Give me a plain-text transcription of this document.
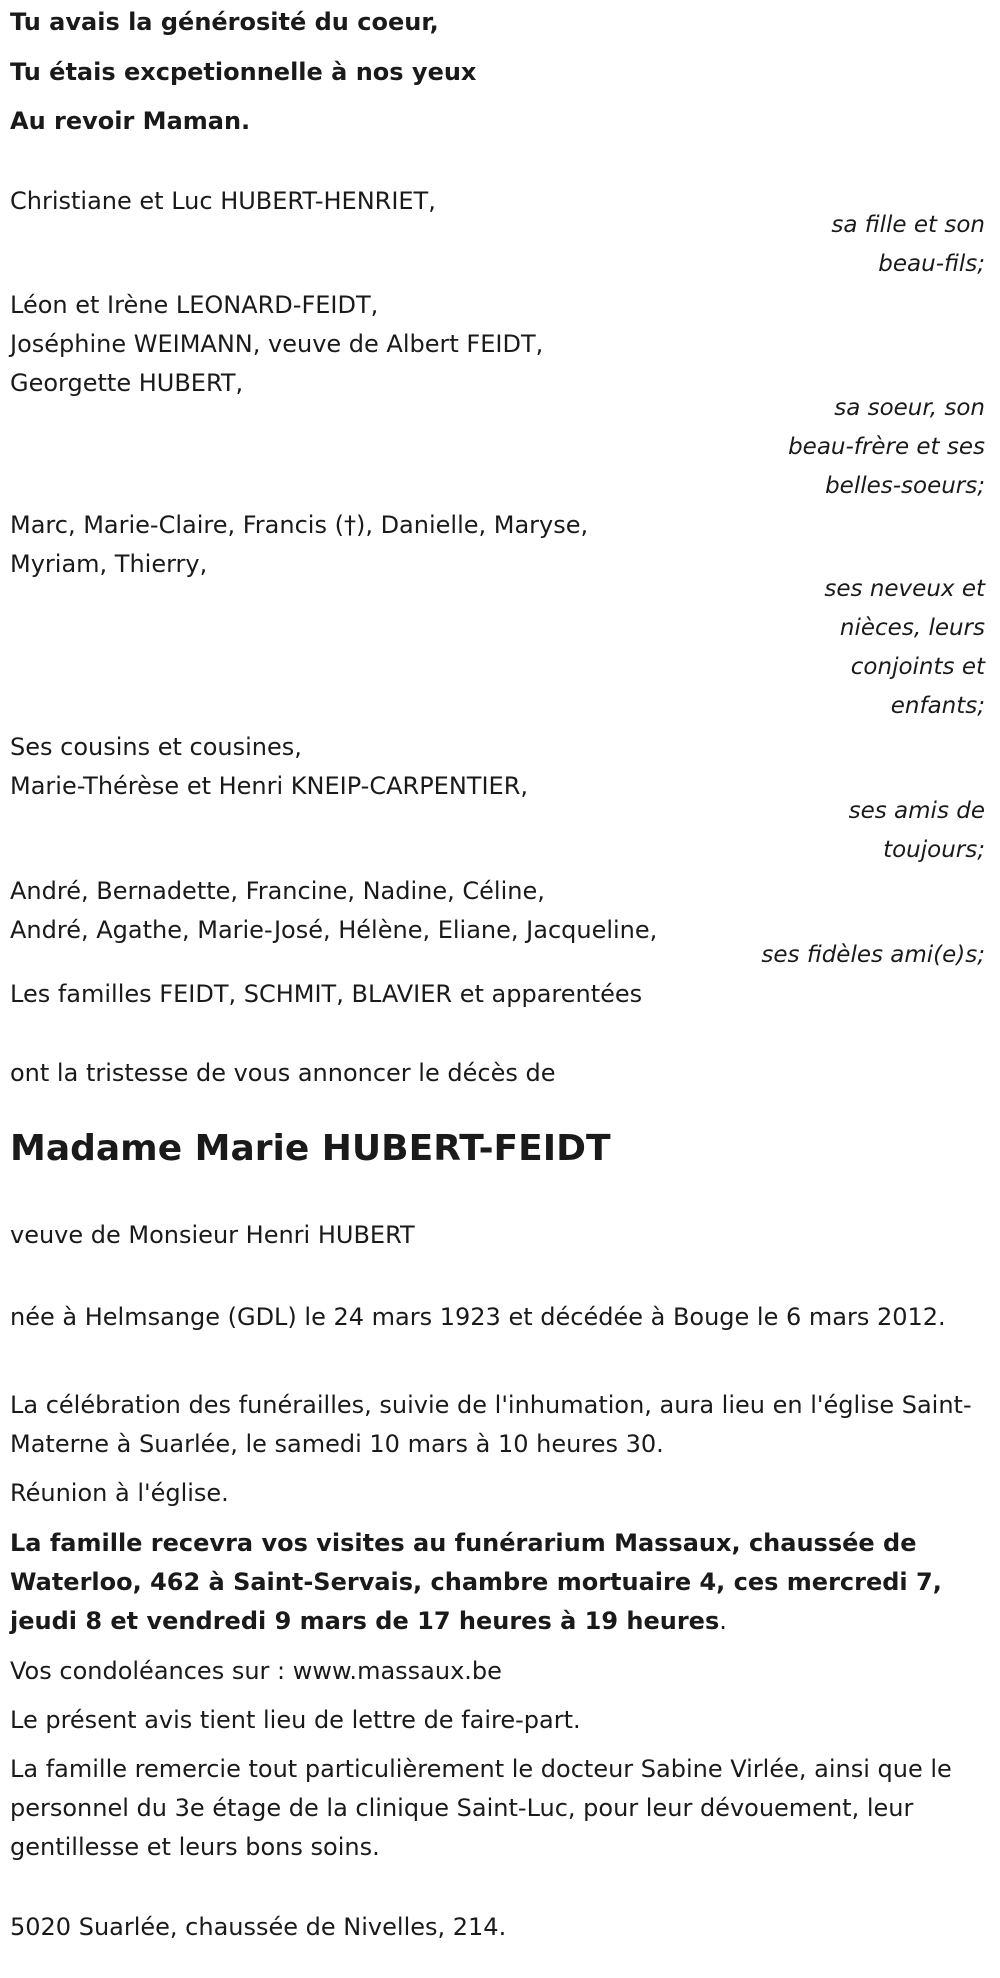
Tu avais la générosité du coeur,
Tu étais excpetionnelle à nos yeux
Au revoir Maman.
Christiane et Luc HUBERT-HENRIET,
sa fille et son
beau-fils;
Léon et Irène LEONARD-FEIDT,
Joséphine WEIMANN, veuve de Albert FEIDT,
Georgette HUBERT,
sa soeur, son
beau-frère et ses
belles-soeurs;
Marc, Marie-Claire, Francis (†), Danielle, Maryse,
Myriam, Thierry,
ses neveux et
nièces, leurs
conjoints et
enfants;
Ses cousins et cousines,
Marie-Thérèse et Henri KNEIP-CARPENTIER,
ses amis de
toujours;
André, Bernadette, Francine, Nadine, Céline,
André, Agathe, Marie-José, Hélène, Eliane, Jacqueline,
ses fidèles ami(e)s;
Les familles FEIDT, SCHMIT, BLAVIER et apparentées
ont la tristesse de vous annoncer le décès de
Madame Marie HUBERT-FEIDT
veuve de Monsieur Henri HUBERT
née à Helmsange (GDL) le 24 mars 1923 et décédée à Bouge le 6 mars 2012.
La célébration des funérailles, suivie de l'inhumation, aura lieu en l'église Saint-Materne à Suarlée, le samedi 10 mars à 10 heures 30.
Réunion à l'église.
La famille recevra vos visites au funérarium Massaux, chaussée de Waterloo, 462 à Saint-Servais, chambre mortuaire 4, ces mercredi 7, jeudi 8 et vendredi 9 mars de 17 heures à 19 heures.
Vos condoléances sur : www.massaux.be
Le présent avis tient lieu de lettre de faire-part.
La famille remercie tout particulièrement le docteur Sabine Virlée, ainsi que le personnel du 3e étage de la clinique Saint-Luc, pour leur dévouement, leur gentillesse et leurs bons soins.
5020 Suarlée, chaussée de Nivelles, 214.
